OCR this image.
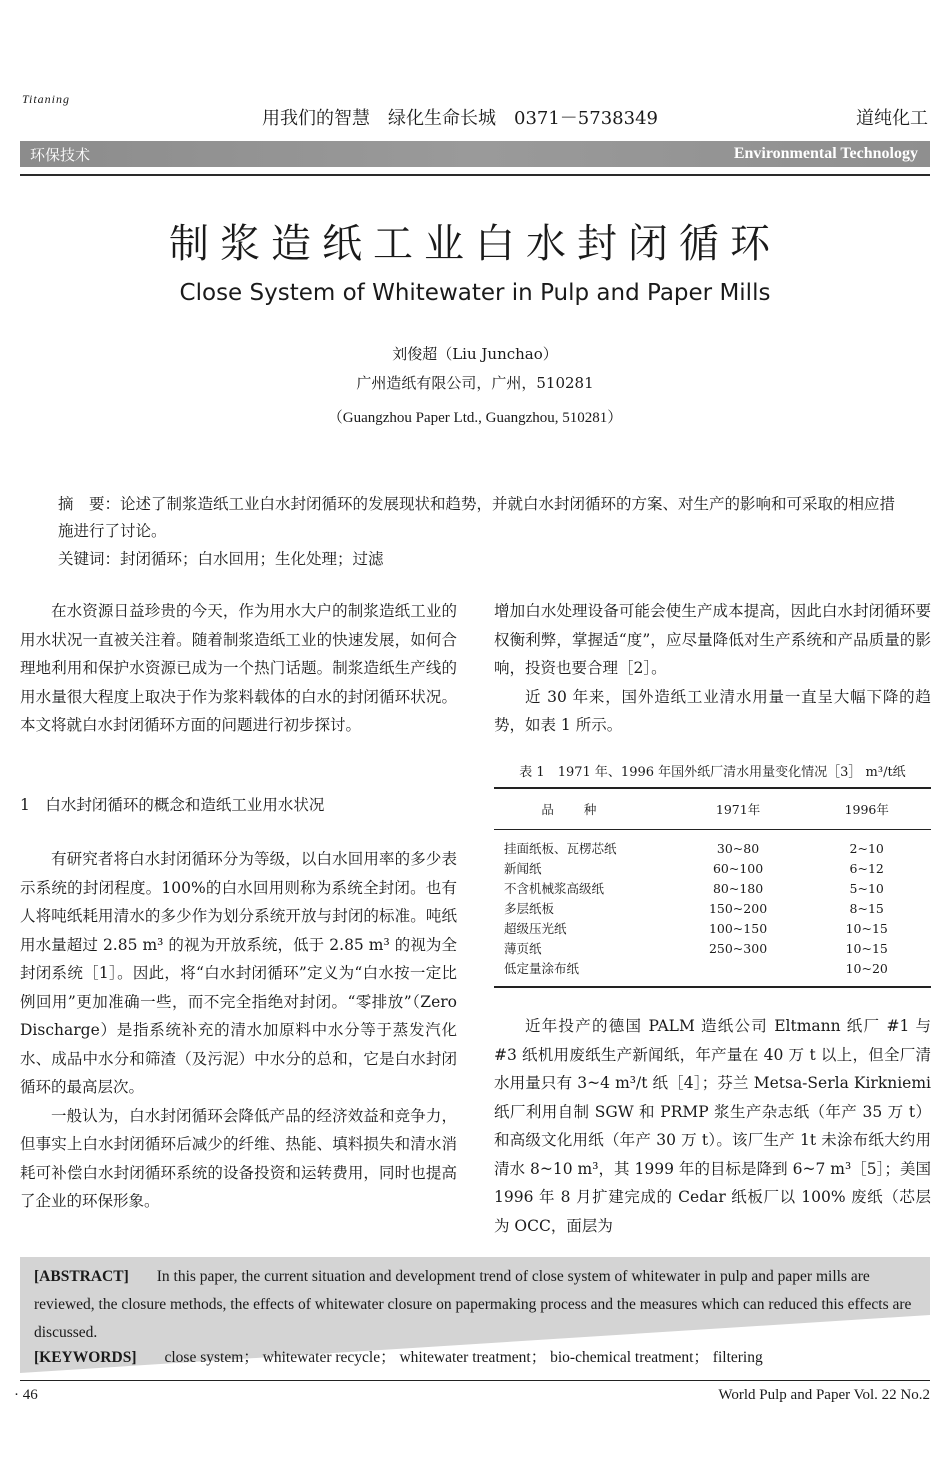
Titaning
用我们的智慧　绿化生命长城　0371－5738349	道纯化工
环保技术	Environmental Technology
制浆造纸工业白水封闭循环
Close System of Whitewater in Pulp and Paper Mills
刘俊超（Liu Junchao）
广州造纸有限公司，广州，510281
（Guangzhou Paper Ltd., Guangzhou, 510281）
摘　要：论述了制浆造纸工业白水封闭循环的发展现状和趋势，并就白水封闭循环的方案、对生产的影响和可采取的相应措施进行了讨论。
关键词：封闭循环；白水回用；生化处理；过滤

在水资源日益珍贵的今天，作为用水大户的制浆造纸工业的用水状况一直被关注着。随着制浆造纸工业的快速发展，如何合理地利用和保护水资源已成为一个热门话题。制浆造纸生产线的用水量很大程度上取决于作为浆料载体的白水的封闭循环状况。本文将就白水封闭循环方面的问题进行初步探讨。

1　白水封闭循环的概念和造纸工业用水状况

有研究者将白水封闭循环分为等级，以白水回用率的多少表示系统的封闭程度。100%的白水回用则称为系统全封闭。也有人将吨纸耗用清水的多少作为划分系统开放与封闭的标准。吨纸用水量超过 2.85 m³ 的视为开放系统，低于 2.85 m³ 的视为全封闭系统［1］。因此，将“白水封闭循环”定义为“白水按一定比例回用”更加准确一些，而不完全指绝对封闭。“零排放”（Zero Discharge）是指系统补充的清水加原料中水分等于蒸发汽化水、成品中水分和筛渣（及污泥）中水分的总和，它是白水封闭循环的最高层次。

一般认为，白水封闭循环会降低产品的经济效益和竞争力，但事实上白水封闭循环后减少的纤维、热能、填料损失和清水消耗可补偿白水封闭循环系统的设备投资和运转费用，同时也提高了企业的环保形象。

增加白水处理设备可能会使生产成本提高，因此白水封闭循环要权衡利弊，掌握适“度”，应尽量降低对生产系统和产品质量的影响，投资也要合理［2］。

近 30 年来，国外造纸工业清水用量一直呈大幅下降的趋势，如表 1 所示。

表 1　1971 年、1996 年国外纸厂清水用量变化情况［3］ m³/t纸
品种	1971年	1996年
挂面纸板、瓦楞芯纸	30~80	2~10
新闻纸	60~100	6~12
不含机械浆高级纸	80~180	5~10
多层纸板	150~200	8~15
超级压光纸	100~150	10~15
薄页纸	250~300	10~15
低定量涂布纸		10~20

近年投产的德国 PALM 造纸公司 Eltmann 纸厂 #1 与 #3 纸机用废纸生产新闻纸，年产量在 40 万 t 以上，但全厂清水用量只有 3~4 m³/t 纸［4］；芬兰 Metsa-Serla Kirkniemi 纸厂利用自制 SGW 和 PRMP 浆生产杂志纸（年产 35 万 t）和高级文化用纸（年产 30 万 t）。该厂生产 1t 未涂布纸大约用清水 8~10 m³，其 1999 年的目标是降到 6~7 m³［5］；美国 1996 年 8 月扩建完成的 Cedar 纸板厂以 100% 废纸（芯层为 OCC，面层为

[ABSTRACT] In this paper, the current situation and development trend of close system of whitewater in pulp and paper mills are reviewed, the closure methods, the effects of whitewater closure on papermaking process and the measures which can reduced this effects are discussed.
[KEYWORDS] close system； whitewater recycle； whitewater treatment； bio-chemical treatment； filtering
· 46	World Pulp and Paper Vol. 22 No.2
